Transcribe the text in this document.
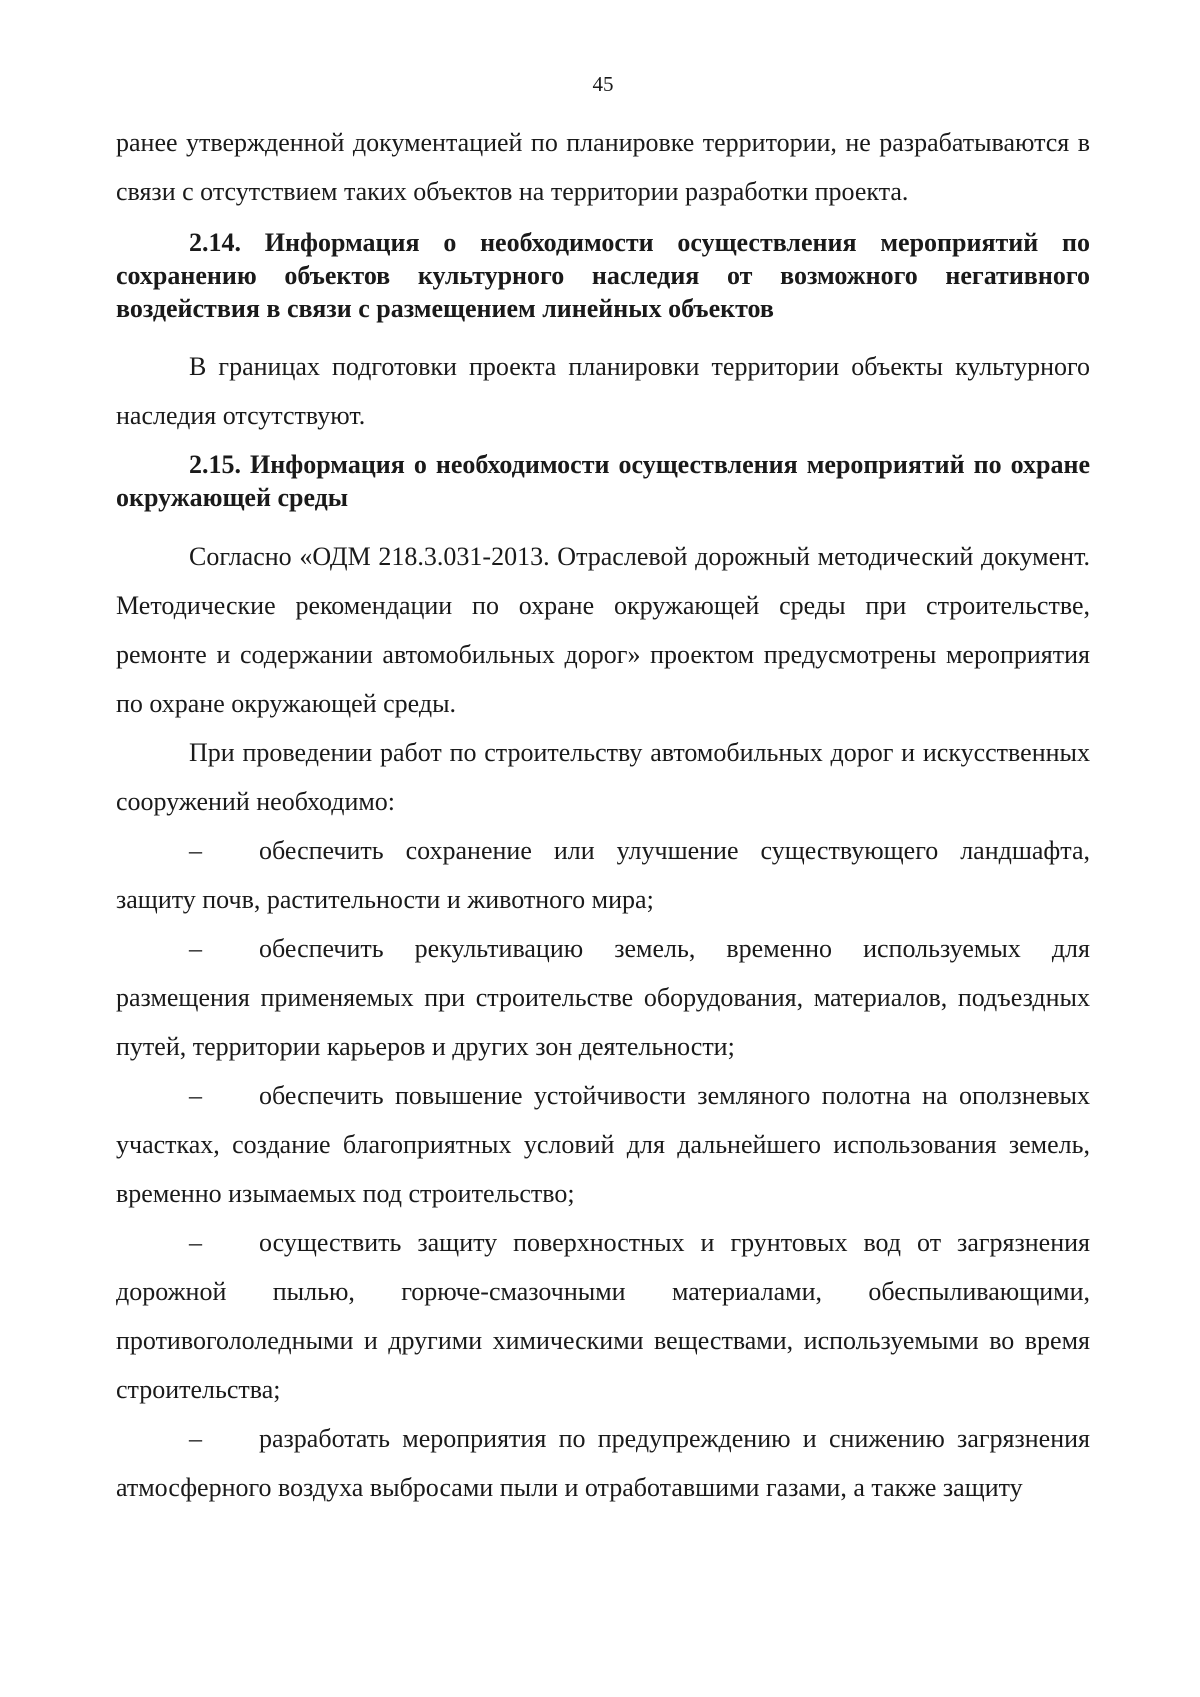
45

ранее утвержденной документацией по планировке территории, не разрабатываются в связи с отсутствием таких объектов на территории разработки проекта.

2.14. Информация о необходимости осуществления мероприятий по сохранению объектов культурного наследия от возможного негативного воздействия в связи с размещением линейных объектов

В границах подготовки проекта планировки территории объекты культурного наследия отсутствуют.

2.15. Информация о необходимости осуществления мероприятий по охране окружающей среды

Согласно «ОДМ 218.3.031-2013. Отраслевой дорожный методический документ. Методические рекомендации по охране окружающей среды при строительстве, ремонте и содержании автомобильных дорог» проектом предусмотрены мероприятия по охране окружающей среды.

При проведении работ по строительству автомобильных дорог и искусственных сооружений необходимо:

– обеспечить сохранение или улучшение существующего ландшафта, защиту почв, растительности и животного мира;

– обеспечить рекультивацию земель, временно используемых для размещения применяемых при строительстве оборудования, материалов, подъездных путей, территории карьеров и других зон деятельности;

– обеспечить повышение устойчивости земляного полотна на оползневых участках, создание благоприятных условий для дальнейшего использования земель, временно изымаемых под строительство;

– осуществить защиту поверхностных и грунтовых вод от загрязнения дорожной пылью, горюче-смазочными материалами, обеспыливающими, противогололедными и другими химическими веществами, используемыми во время строительства;

– разработать мероприятия по предупреждению и снижению загрязнения атмосферного воздуха выбросами пыли и отработавшими газами, а также защиту
